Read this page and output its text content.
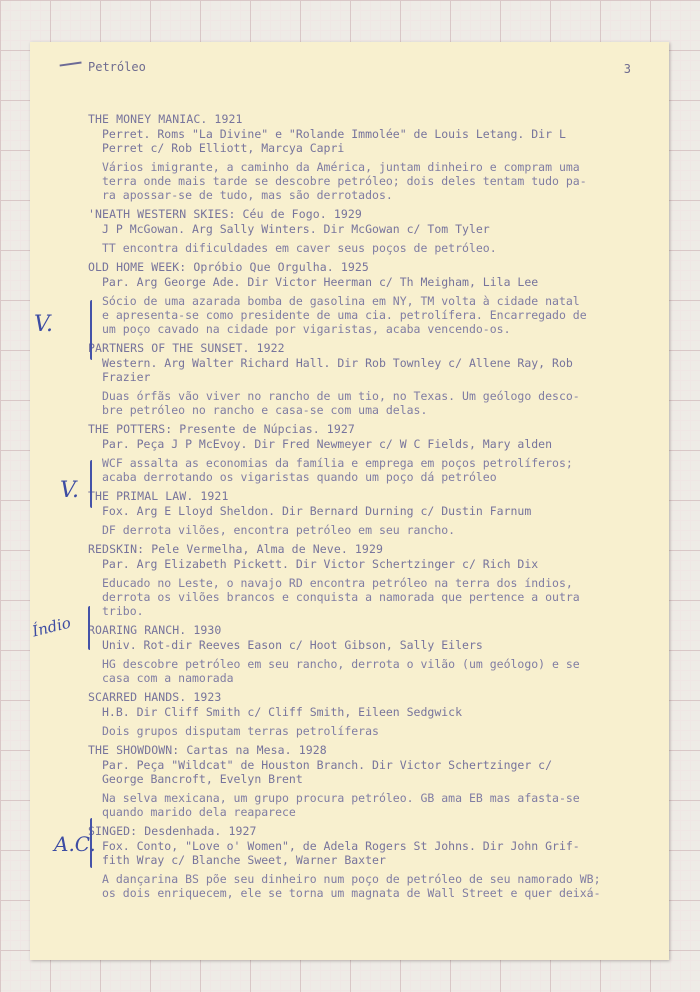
Petróleo	3
THE MONEY MANIAC. 1921
Perret. Roms "La Divine" e "Rolande Immolée" de Louis Letang. Dir L
Perret c/ Rob Elliott, Marcya Capri
Vários imigrante, a caminho da América, juntam dinheiro e compram uma
terra onde mais tarde se descobre petróleo; dois deles tentam tudo pa-
ra apossar-se de tudo, mas são derrotados.
'NEATH WESTERN SKIES: Céu de Fogo. 1929
J P McGowan. Arg Sally Winters. Dir McGowan c/ Tom Tyler
TT encontra dificuldades em caver seus poços de petróleo.
OLD HOME WEEK: Opróbio Que Orgulha. 1925
Par. Arg George Ade. Dir Victor Heerman c/ Th Meigham, Lila Lee
Sócio de uma azarada bomba de gasolina em NY, TM volta à cidade natal
e apresenta-se como presidente de uma cia. petrolífera. Encarregado de
um poço cavado na cidade por vigaristas, acaba vencendo-os.
PARTNERS OF THE SUNSET. 1922
Western. Arg Walter Richard Hall. Dir Rob Townley c/ Allene Ray, Rob
Frazier
Duas órfãs vão viver no rancho de um tio, no Texas. Um geólogo desco-
bre petróleo no rancho e casa-se com uma delas.
THE POTTERS: Presente de Núpcias. 1927
Par. Peça J P McEvoy. Dir Fred Newmeyer c/ W C Fields, Mary alden
WCF assalta as economias da família e emprega em poços petrolíferos;
acaba derrotando os vigaristas quando um poço dá petróleo
THE PRIMAL LAW. 1921
Fox. Arg E Lloyd Sheldon. Dir Bernard Durning c/ Dustin Farnum
DF derrota vilões, encontra petróleo em seu rancho.
REDSKIN: Pele Vermelha, Alma de Neve. 1929
Par. Arg Elizabeth Pickett. Dir Victor Schertzinger c/ Rich Dix
Educado no Leste, o navajo RD encontra petróleo na terra dos índios,
derrota os vilões brancos e conquista a namorada que pertence a outra
tribo.
ROARING RANCH. 1930
Univ. Rot-dir Reeves Eason c/ Hoot Gibson, Sally Eilers
HG descobre petróleo em seu rancho, derrota o vilão (um geólogo) e se
casa com a namorada
SCARRED HANDS. 1923
H.B. Dir Cliff Smith c/ Cliff Smith, Eileen Sedgwick
Dois grupos disputam terras petrolíferas
THE SHOWDOWN: Cartas na Mesa. 1928
Par. Peça "Wildcat" de Houston Branch. Dir Victor Schertzinger c/
George Bancroft, Evelyn Brent
Na selva mexicana, um grupo procura petróleo. GB ama EB mas afasta-se
quando marido dela reaparece
SINGED: Desdenhada. 1927
Fox. Conto, "Love o' Women", de Adela Rogers St Johns. Dir John Grif-
fith Wray c/ Blanche Sweet, Warner Baxter
A dançarina BS põe seu dinheiro num poço de petróleo de seu namorado WB;
os dois enriquecem, ele se torna um magnata de Wall Street e quer deixá-
V.
V.
Índio
A.C.
